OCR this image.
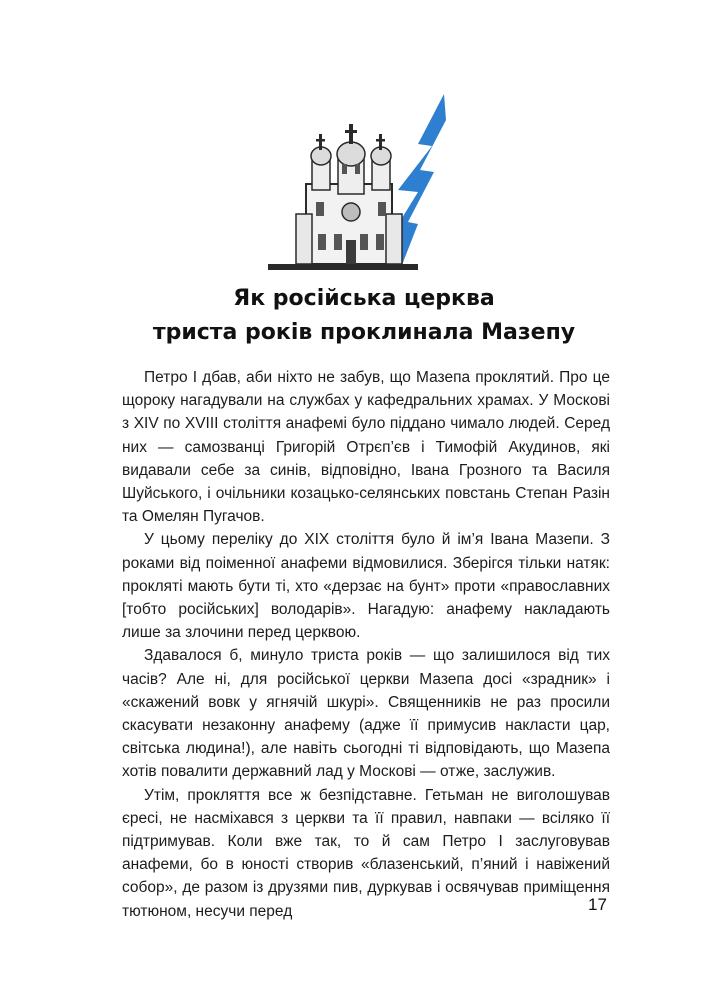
Як російська церква
триста років проклинала Мазепу

Петро І дбав, аби ніхто не забув, що Мазепа проклятий. Про це щороку нагадували на службах у кафедральних храмах. У Москові з XIV по XVIII століття анафемі було піддано чимало людей. Серед них — самозванці Григорій Отрєп’єв і Тимофій Акудинов, які видавали себе за синів, відповідно, Івана Грозного та Василя Шуйського, і очільники козацько-селянських повстань Степан Разін та Омелян Пугачов.

У цьому переліку до XIX століття було й ім’я Івана Мазепи. З роками від поіменної анафеми відмовилися. Зберігся тільки натяк: прокляті мають бути ті, хто «дерзає на бунт» проти «православних [тобто російських] володарів». Нагадую: анафему накладають лише за злочини перед церквою.

Здавалося б, минуло триста років — що залишилося від тих часів? Але ні, для російської церкви Мазепа досі «зрадник» і «скажений вовк у ягнячій шкурі». Священників не раз просили скасувати незаконну анафему (адже її примусив накласти цар, світська людина!), але навіть сьогодні ті відповідають, що Мазепа хотів повалити державний лад у Москові — отже, заслужив.

Утім, прокляття все ж безпідставне. Гетьман не виголошував єресі, не насміхався з церкви та її правил, навпаки — всіляко її підтримував. Коли вже так, то й сам Петро І заслуговував анафеми, бо в юності створив «блазенський, п’яний і навіжений собор», де разом із друзями пив, дуркував і освячував приміщення тютюном, несучи перед	17
